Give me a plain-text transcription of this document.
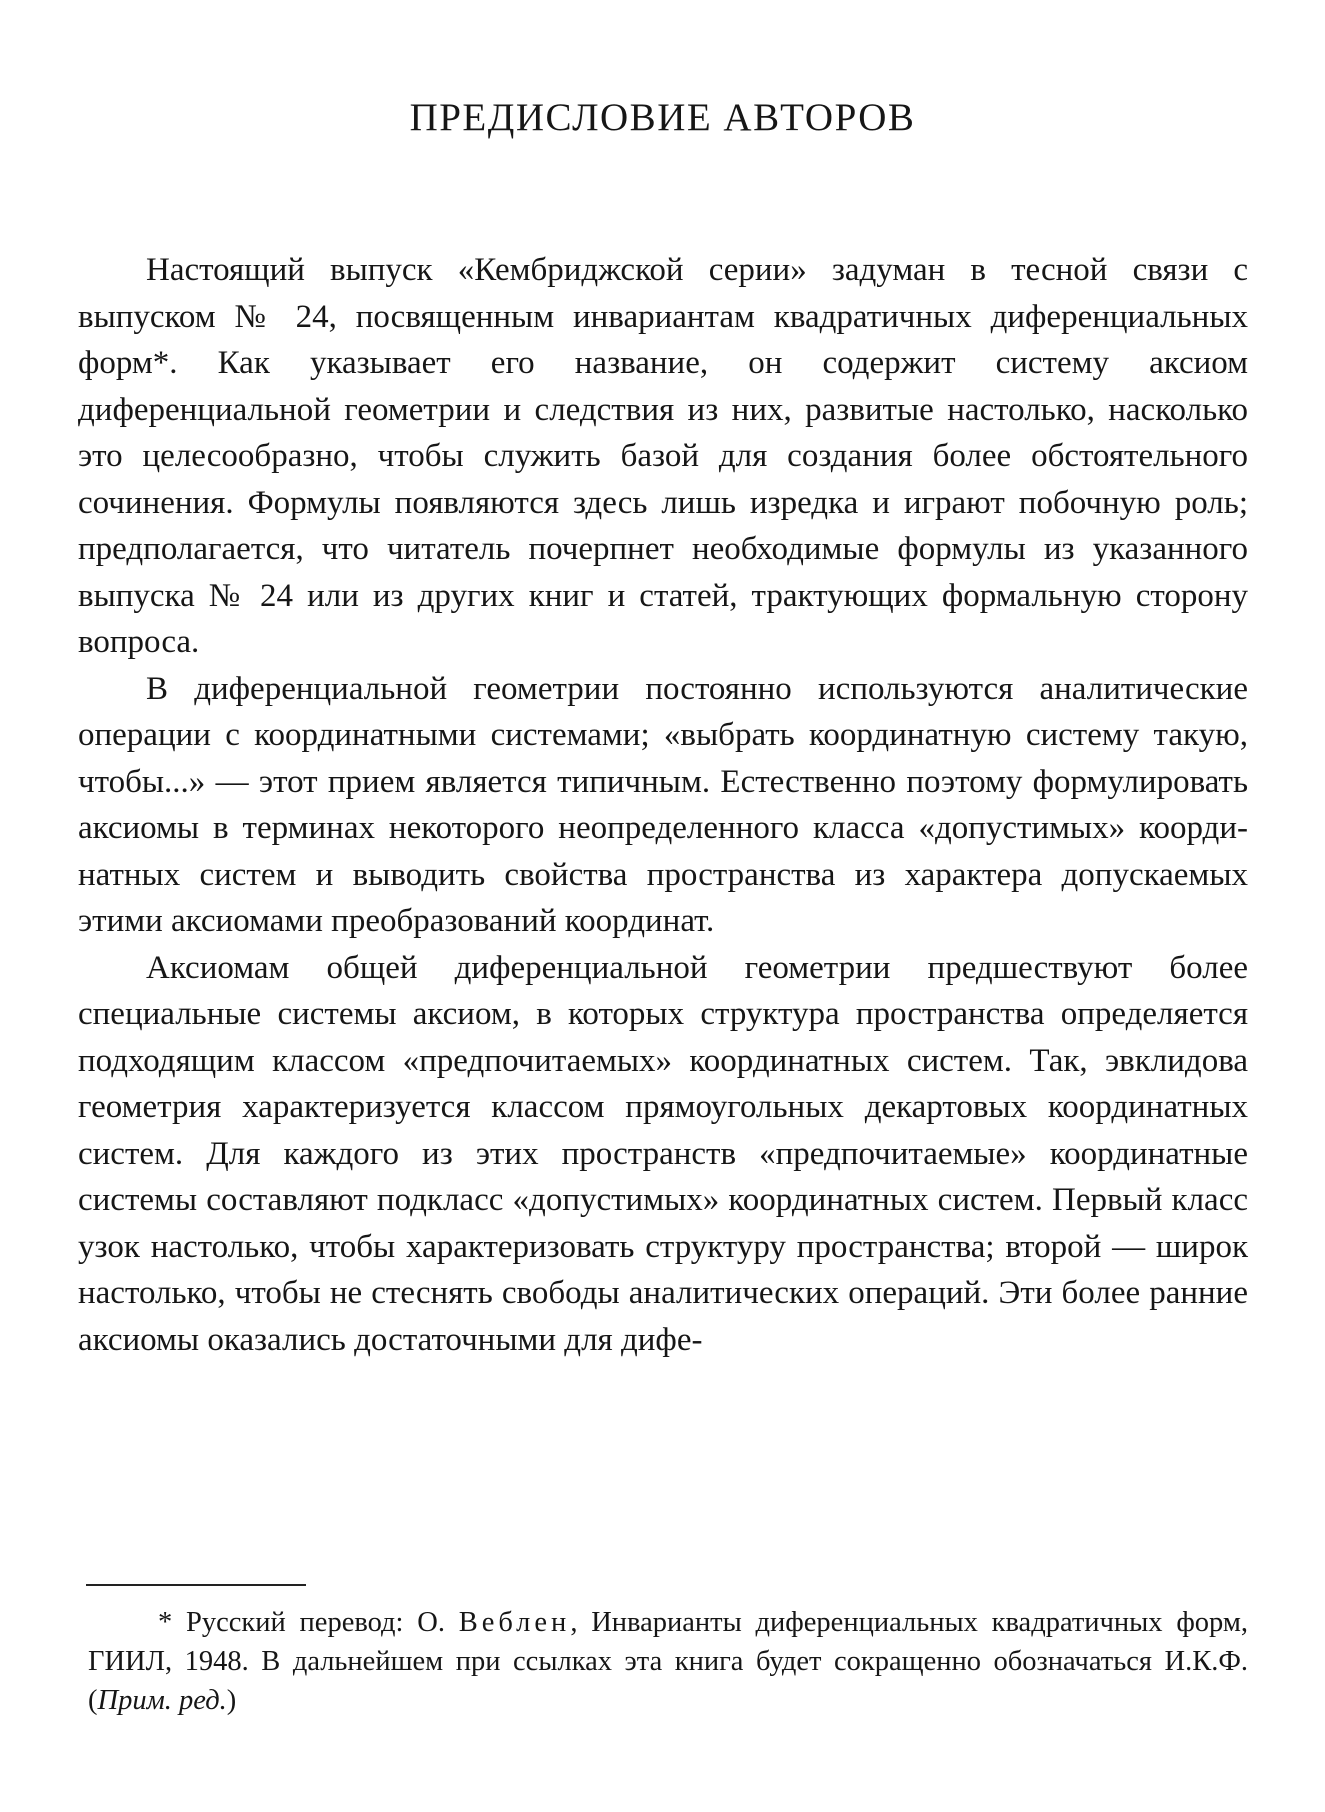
ПРЕДИСЛОВИЕ АВТОРОВ

Настоящий выпуск «Кембриджской серии» задуман в тесной связи с выпуском № 24, посвященным инвариантам квадратичных диференциальных форм*. Как указывает его название, он содержит систему аксиом диференциальной геометрии и следствия из них, развитые настолько, насколько это целесообразно, чтобы служить базой для создания более обстоятельного сочинения. Формулы появляются здесь лишь изредка и играют побочную роль; предполагается, что читатель почерпнет необходимые формулы из указанного выпуска № 24 или из других книг и статей, трактующих формальную сторону вопроса.

В диференциальной геометрии постоянно используются аналитические операции с координатными системами; «выбрать координатную систему такую, чтобы...» — этот прием является типичным. Естественно поэтому формулировать аксиомы в терминах некоторого неопределенного класса «допустимых» координатных систем и выводить свойства пространства из характера допускаемых этими аксиомами преобразований координат.

Аксиомам общей диференциальной геометрии предшествуют более специальные системы аксиом, в которых структура пространства определяется подходящим классом «предпочитаемых» координатных систем. Так, эвклидова геометрия характеризуется классом прямоугольных декартовых координатных систем. Для каждого из этих пространств «предпочитаемые» координатные системы составляют подкласс «допустимых» координатных систем. Первый класс узок настолько, чтобы характеризовать структуру пространства; второй — широк настолько, чтобы не стеснять свободы аналитических операций. Эти более ранние аксиомы оказались достаточными для дифе-

* Русский перевод: О. Веблен, Инварианты диференциальных квадратичных форм, ГИИЛ, 1948. В дальнейшем при ссылках эта книга будет сокращенно обозначаться И.К.Ф. (Прим. ред.)
